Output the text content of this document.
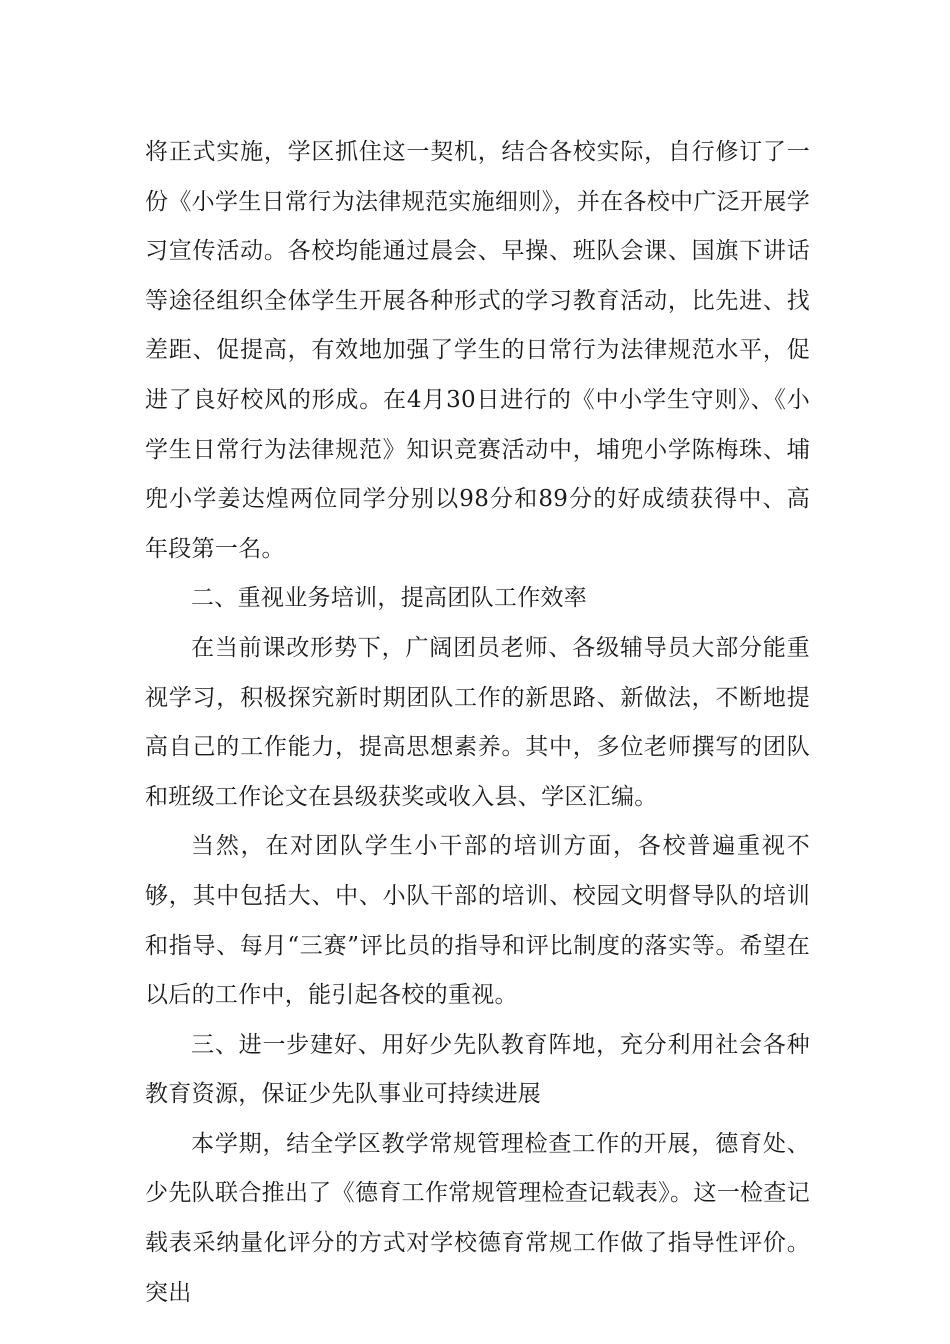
将正式实施，学区抓住这一契机，结合各校实际，自行修订了一份《小学生日常行为法律规范实施细则》，并在各校中广泛开展学习宣传活动。各校均能通过晨会、早操、班队会课、国旗下讲话等途径组织全体学生开展各种形式的学习教育活动，比先进、找差距、促提高，有效地加强了学生的日常行为法律规范水平，促进了良好校风的形成。在4月30日进行的《中小学生守则》、《小学生日常行为法律规范》知识竞赛活动中，埔兜小学陈梅珠、埔兜小学姜达煌两位同学分别以98分和89分的好成绩获得中、高年段第一名。

二、重视业务培训，提高团队工作效率

在当前课改形势下，广阔团员老师、各级辅导员大部分能重视学习，积极探究新时期团队工作的新思路、新做法，不断地提高自己的工作能力，提高思想素养。其中，多位老师撰写的团队和班级工作论文在县级获奖或收入县、学区汇编。

当然，在对团队学生小干部的培训方面，各校普遍重视不够，其中包括大、中、小队干部的培训、校园文明督导队的培训和指导、每月“三赛”评比员的指导和评比制度的落实等。希望在以后的工作中，能引起各校的重视。

三、进一步建好、用好少先队教育阵地，充分利用社会各种教育资源，保证少先队事业可持续进展

本学期，结全学区教学常规管理检查工作的开展，德育处、少先队联合推出了《德育工作常规管理检查记载表》。这一检查记载表采纳量化评分的方式对学校德育常规工作做了指导性评价。突出
